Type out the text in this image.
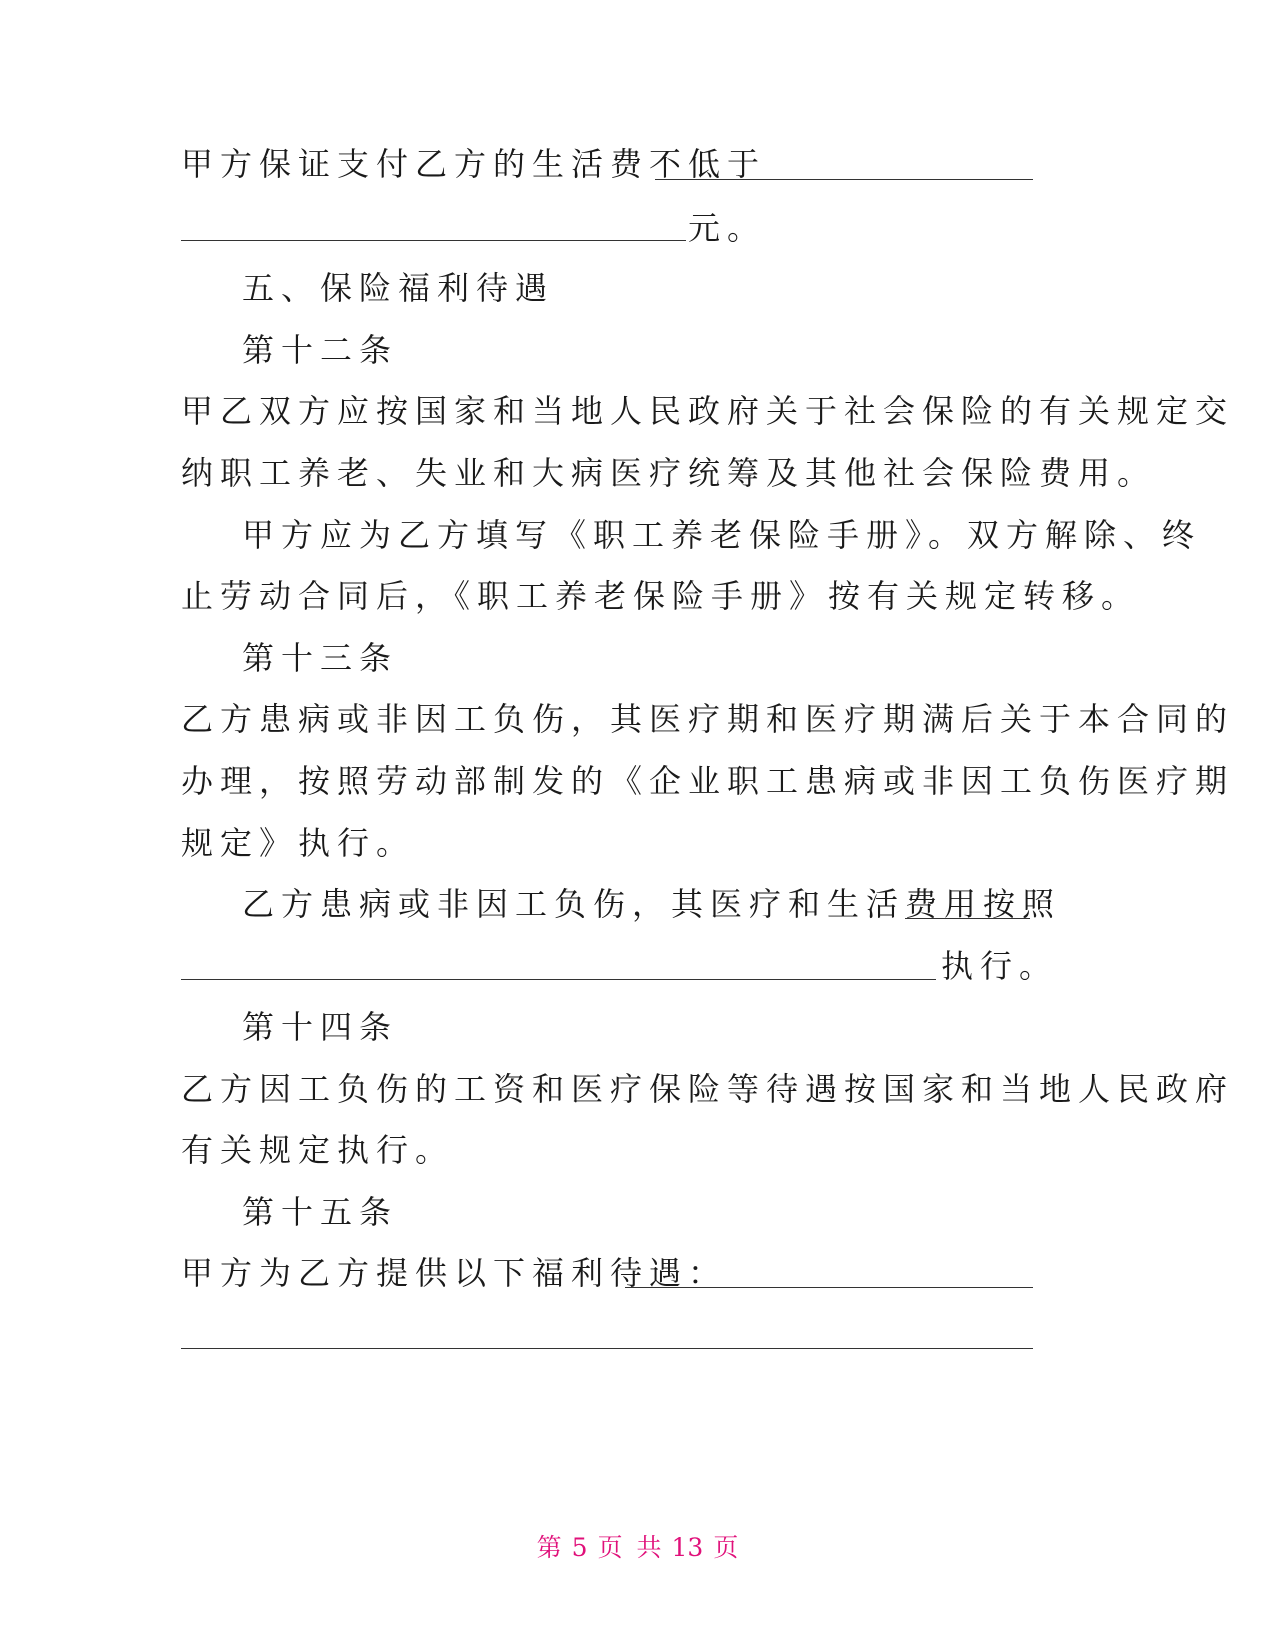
甲方保证支付乙方的生活费不低于
元。
五、保险福利待遇
第十二条
甲乙双方应按国家和当地人民政府关于社会保险的有关规定交
纳职工养老、失业和大病医疗统筹及其他社会保险费用。
甲方应为乙方填写《职工养老保险手册》。双方解除、终
止劳动合同后，《职工养老保险手册》按有关规定转移。
第十三条
乙方患病或非因工负伤，其医疗期和医疗期满后关于本合同的
办理，按照劳动部制发的《企业职工患病或非因工负伤医疗期
规定》执行。
乙方患病或非因工负伤，其医疗和生活费用按照
执行。
第十四条
乙方因工负伤的工资和医疗保险等待遇按国家和当地人民政府
有关规定执行。
第十五条
甲方为乙方提供以下福利待遇：
第 5 页 共 13 页
